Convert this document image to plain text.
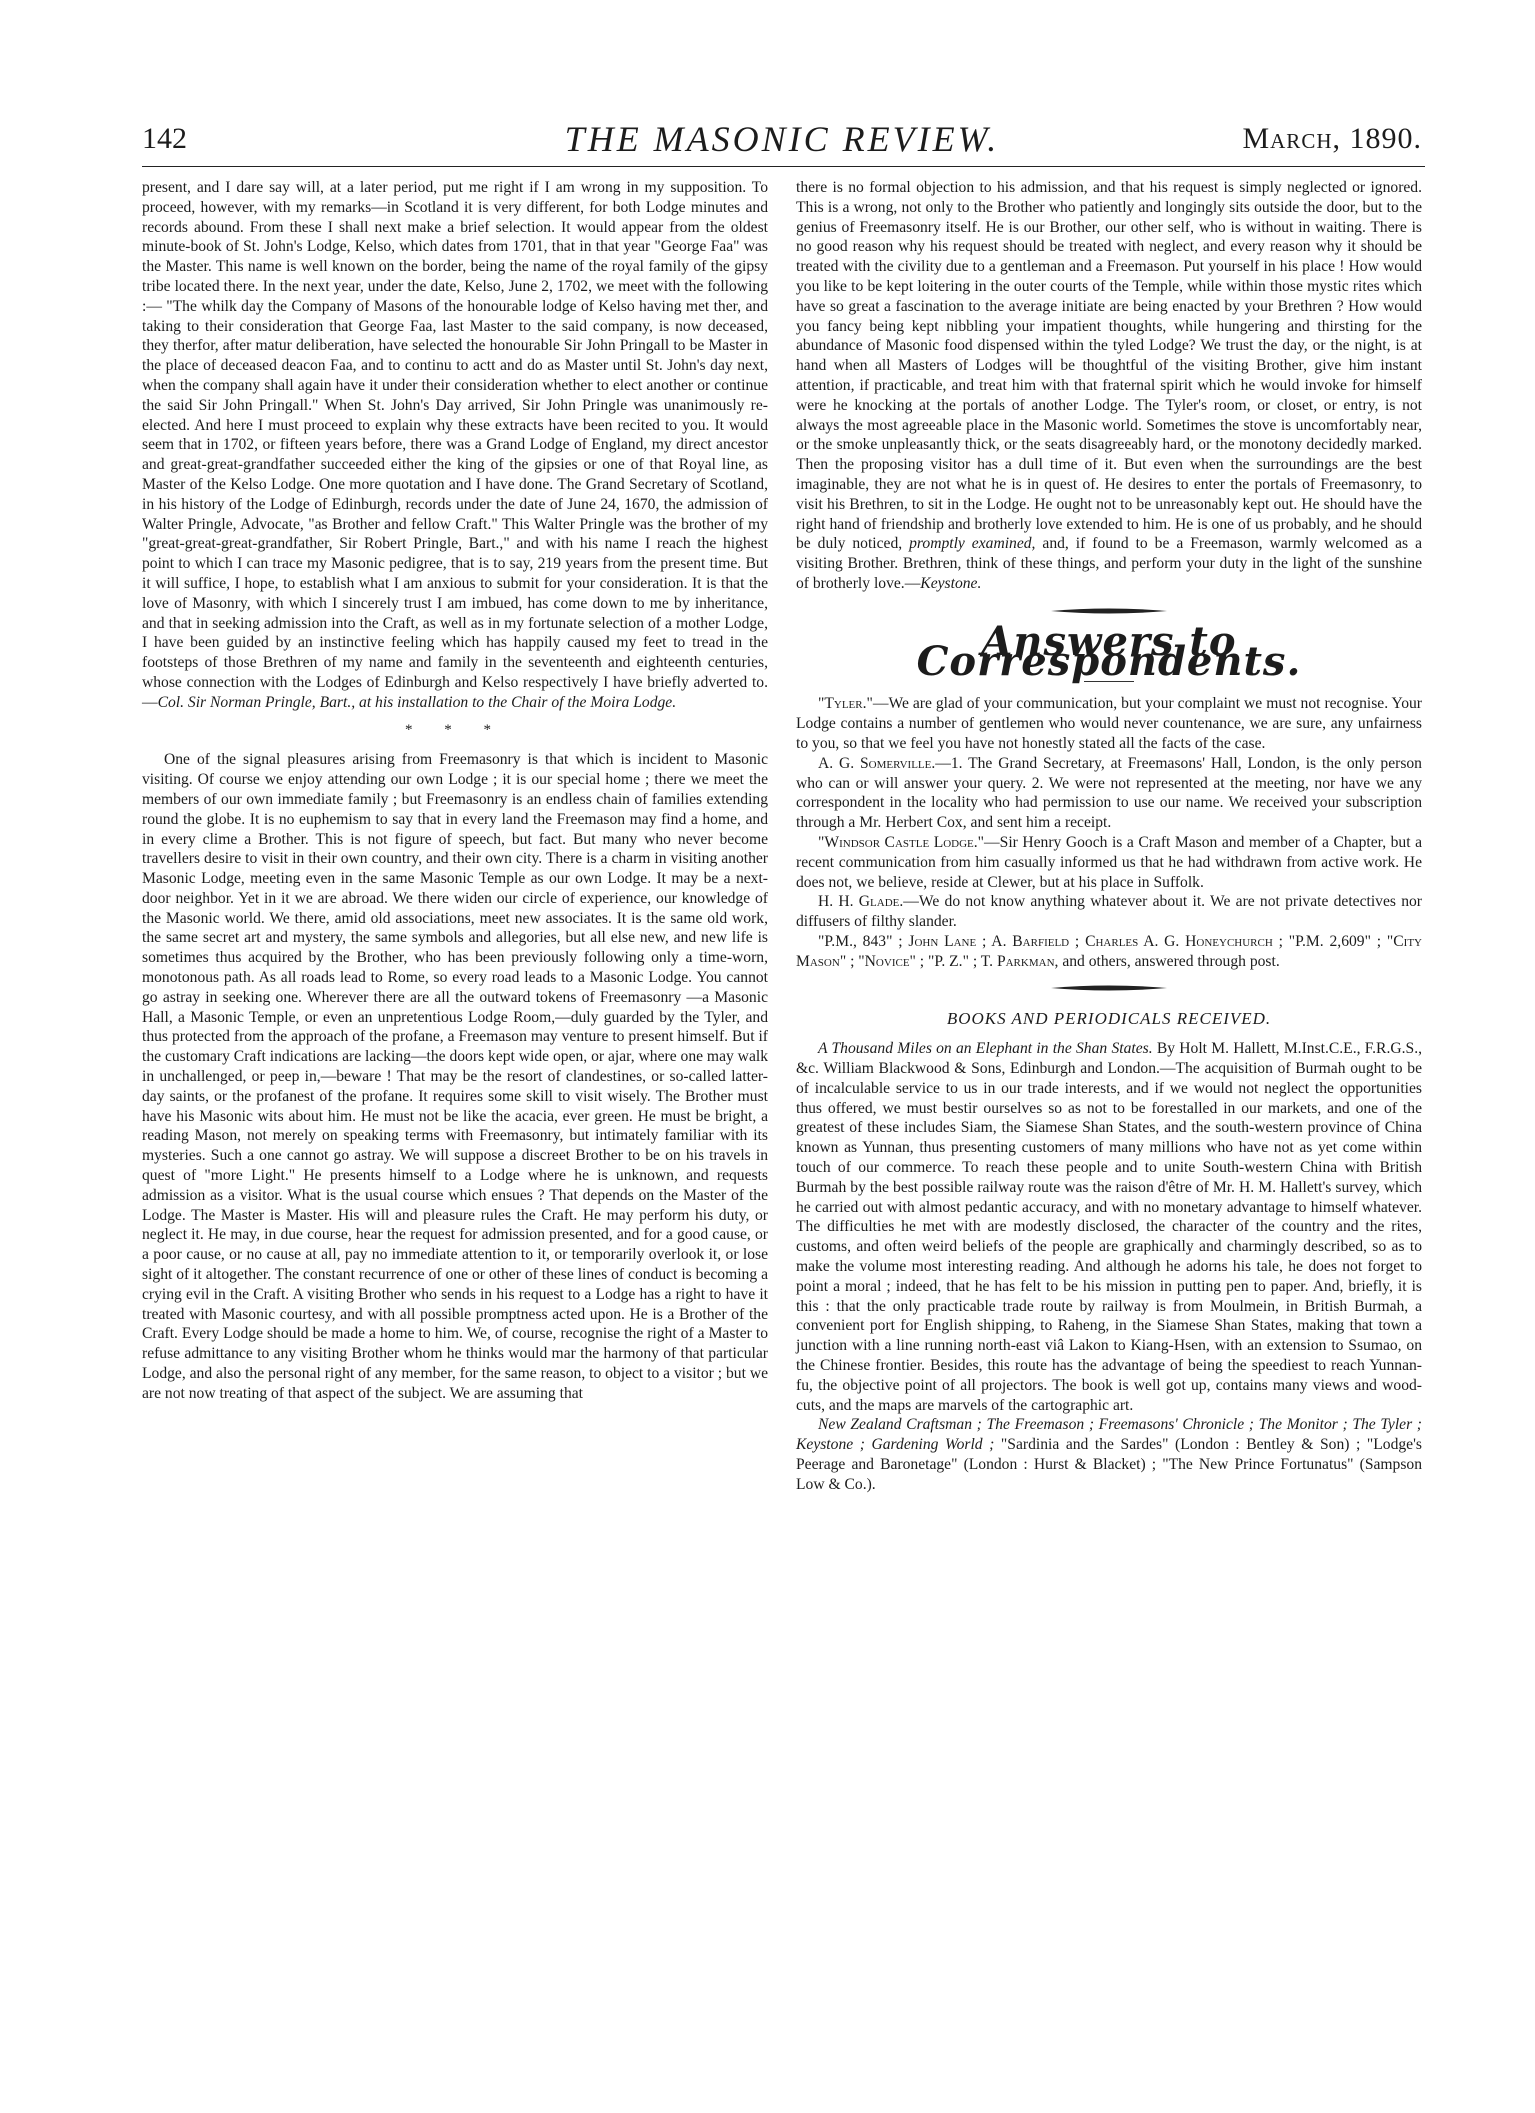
142	THE MASONIC REVIEW.	March, 1890.

present, and I dare say will, at a later period, put me right if I am wrong in my supposition. To proceed, however, with my remarks—in Scotland it is very different, for both Lodge minutes and records abound. From these I shall next make a brief selection. It would appear from the oldest minute-book of St. John's Lodge, Kelso, which dates from 1701, that in that year "George Faa" was the Master. This name is well known on the border, being the name of the royal family of the gipsy tribe located there. In the next year, under the date, Kelso, June 2, 1702, we meet with the following :— "The whilk day the Company of Masons of the honourable lodge of Kelso having met ther, and taking to their consideration that George Faa, last Master to the said company, is now deceased, they therfor, after matur deliberation, have selected the honourable Sir John Pringall to be Master in the place of deceased deacon Faa, and to continu to actt and do as Master until St. John's day next, when the company shall again have it under their consideration whether to elect another or continue the said Sir John Pringall." When St. John's Day arrived, Sir John Pringle was unanimously re-elected. And here I must proceed to explain why these extracts have been recited to you. It would seem that in 1702, or fifteen years before, there was a Grand Lodge of England, my direct ancestor and great-great-grandfather succeeded either the king of the gipsies or one of that Royal line, as Master of the Kelso Lodge. One more quotation and I have done. The Grand Secretary of Scotland, in his history of the Lodge of Edinburgh, records under the date of June 24, 1670, the admission of Walter Pringle, Advocate, "as Brother and fellow Craft." This Walter Pringle was the brother of my "great-great-great-grandfather, Sir Robert Pringle, Bart.," and with his name I reach the highest point to which I can trace my Masonic pedigree, that is to say, 219 years from the present time. But it will suffice, I hope, to establish what I am anxious to submit for your consideration. It is that the love of Masonry, with which I sincerely trust I am imbued, has come down to me by inheritance, and that in seeking admission into the Craft, as well as in my fortunate selection of a mother Lodge, I have been guided by an instinctive feeling which has happily caused my feet to tread in the footsteps of those Brethren of my name and family in the seventeenth and eighteenth centuries, whose connection with the Lodges of Edinburgh and Kelso respectively I have briefly adverted to.—Col. Sir Norman Pringle, Bart., at his installation to the Chair of the Moira Lodge.

* * *

One of the signal pleasures arising from Freemasonry is that which is incident to Masonic visiting. Of course we enjoy attending our own Lodge ; it is our special home ; there we meet the members of our own immediate family ; but Freemasonry is an endless chain of families extending round the globe. It is no euphemism to say that in every land the Freemason may find a home, and in every clime a Brother. This is not figure of speech, but fact. But many who never become travellers desire to visit in their own country, and their own city. There is a charm in visiting another Masonic Lodge, meeting even in the same Masonic Temple as our own Lodge. It may be a next-door neighbor. Yet in it we are abroad. We there widen our circle of experience, our knowledge of the Masonic world. We there, amid old associations, meet new associates. It is the same old work, the same secret art and mystery, the same symbols and allegories, but all else new, and new life is sometimes thus acquired by the Brother, who has been previously following only a time-worn, monotonous path. As all roads lead to Rome, so every road leads to a Masonic Lodge. You cannot go astray in seeking one. Wherever there are all the outward tokens of Freemasonry —a Masonic Hall, a Masonic Temple, or even an unpretentious Lodge Room,—duly guarded by the Tyler, and thus protected from the approach of the profane, a Freemason may venture to present himself. But if the customary Craft indications are lacking—the doors kept wide open, or ajar, where one may walk in unchallenged, or peep in,—beware ! That may be the resort of clandestines, or so-called latter-day saints, or the profanest of the profane. It requires some skill to visit wisely. The Brother must have his Masonic wits about him. He must not be like the acacia, ever green. He must be bright, a reading Mason, not merely on speaking terms with Freemasonry, but intimately familiar with its mysteries. Such a one cannot go astray. We will suppose a discreet Brother to be on his travels in quest of "more Light." He presents himself to a Lodge where he is unknown, and requests admission as a visitor. What is the usual course which ensues ? That depends on the Master of the Lodge. The Master is Master. His will and pleasure rules the Craft. He may perform his duty, or neglect it. He may, in due course, hear the request for admission presented, and for a good cause, or a poor cause, or no cause at all, pay no immediate attention to it, or temporarily overlook it, or lose sight of it altogether. The constant recurrence of one or other of these lines of conduct is becoming a crying evil in the Craft. A visiting Brother who sends in his request to a Lodge has a right to have it treated with Masonic courtesy, and with all possible promptness acted upon. He is a Brother of the Craft. Every Lodge should be made a home to him. We, of course, recognise the right of a Master to refuse admittance to any visiting Brother whom he thinks would mar the harmony of that particular Lodge, and also the personal right of any member, for the same reason, to object to a visitor ; but we are not now treating of that aspect of the subject. We are assuming that

there is no formal objection to his admission, and that his request is simply neglected or ignored. This is a wrong, not only to the Brother who patiently and longingly sits outside the door, but to the genius of Freemasonry itself. He is our Brother, our other self, who is without in waiting. There is no good reason why his request should be treated with neglect, and every reason why it should be treated with the civility due to a gentleman and a Freemason. Put yourself in his place ! How would you like to be kept loitering in the outer courts of the Temple, while within those mystic rites which have so great a fascination to the average initiate are being enacted by your Brethren ? How would you fancy being kept nibbling your impatient thoughts, while hungering and thirsting for the abundance of Masonic food dispensed within the tyled Lodge? We trust the day, or the night, is at hand when all Masters of Lodges will be thoughtful of the visiting Brother, give him instant attention, if practicable, and treat him with that fraternal spirit which he would invoke for himself were he knocking at the portals of another Lodge. The Tyler's room, or closet, or entry, is not always the most agreeable place in the Masonic world. Sometimes the stove is uncomfortably near, or the smoke unpleasantly thick, or the seats disagreeably hard, or the monotony decidedly marked. Then the proposing visitor has a dull time of it. But even when the surroundings are the best imaginable, they are not what he is in quest of. He desires to enter the portals of Freemasonry, to visit his Brethren, to sit in the Lodge. He ought not to be unreasonably kept out. He should have the right hand of friendship and brotherly love extended to him. He is one of us probably, and he should be duly noticed, promptly examined, and, if found to be a Freemason, warmly welcomed as a visiting Brother. Brethren, think of these things, and perform your duty in the light of the sunshine of brotherly love.—Keystone.

Answers to Correspondents.

"Tyler."—We are glad of your communication, but your complaint we must not recognise. Your Lodge contains a number of gentlemen who would never countenance, we are sure, any unfairness to you, so that we feel you have not honestly stated all the facts of the case.

A. G. Somerville.—1. The Grand Secretary, at Freemasons' Hall, London, is the only person who can or will answer your query. 2. We were not represented at the meeting, nor have we any correspondent in the locality who had permission to use our name. We received your subscription through a Mr. Herbert Cox, and sent him a receipt.

"Windsor Castle Lodge."—Sir Henry Gooch is a Craft Mason and member of a Chapter, but a recent communication from him casually informed us that he had withdrawn from active work. He does not, we believe, reside at Clewer, but at his place in Suffolk.

H. H. Glade.—We do not know anything whatever about it. We are not private detectives nor diffusers of filthy slander.

"P.M., 843" ; John Lane ; A. Barfield ; Charles A. G. Honeychurch ; "P.M. 2,609" ; "City Mason" ; "Novice" ; "P. Z." ; T. Parkman, and others, answered through post.

BOOKS AND PERIODICALS RECEIVED.

A Thousand Miles on an Elephant in the Shan States. By Holt M. Hallett, M.Inst.C.E., F.R.G.S., &c. William Blackwood & Sons, Edinburgh and London.—The acquisition of Burmah ought to be of incalculable service to us in our trade interests, and if we would not neglect the opportunities thus offered, we must bestir ourselves so as not to be forestalled in our markets, and one of the greatest of these includes Siam, the Siamese Shan States, and the south-western province of China known as Yunnan, thus presenting customers of many millions who have not as yet come within touch of our commerce. To reach these people and to unite South-western China with British Burmah by the best possible railway route was the raison d'être of Mr. H. M. Hallett's survey, which he carried out with almost pedantic accuracy, and with no monetary advantage to himself whatever. The difficulties he met with are modestly disclosed, the character of the country and the rites, customs, and often weird beliefs of the people are graphically and charmingly described, so as to make the volume most interesting reading. And although he adorns his tale, he does not forget to point a moral ; indeed, that he has felt to be his mission in putting pen to paper. And, briefly, it is this : that the only practicable trade route by railway is from Moulmein, in British Burmah, a convenient port for English shipping, to Raheng, in the Siamese Shan States, making that town a junction with a line running north-east viâ Lakon to Kiang-Hsen, with an extension to Ssumao, on the Chinese frontier. Besides, this route has the advantage of being the speediest to reach Yunnan-fu, the objective point of all projectors. The book is well got up, contains many views and wood-cuts, and the maps are marvels of the cartographic art.

New Zealand Craftsman ; The Freemason ; Freemasons' Chronicle ; The Monitor ; The Tyler ; Keystone ; Gardening World ; "Sardinia and the Sardes" (London : Bentley & Son) ; "Lodge's Peerage and Baronetage" (London : Hurst & Blacket) ; "The New Prince Fortunatus" (Sampson Low & Co.).
